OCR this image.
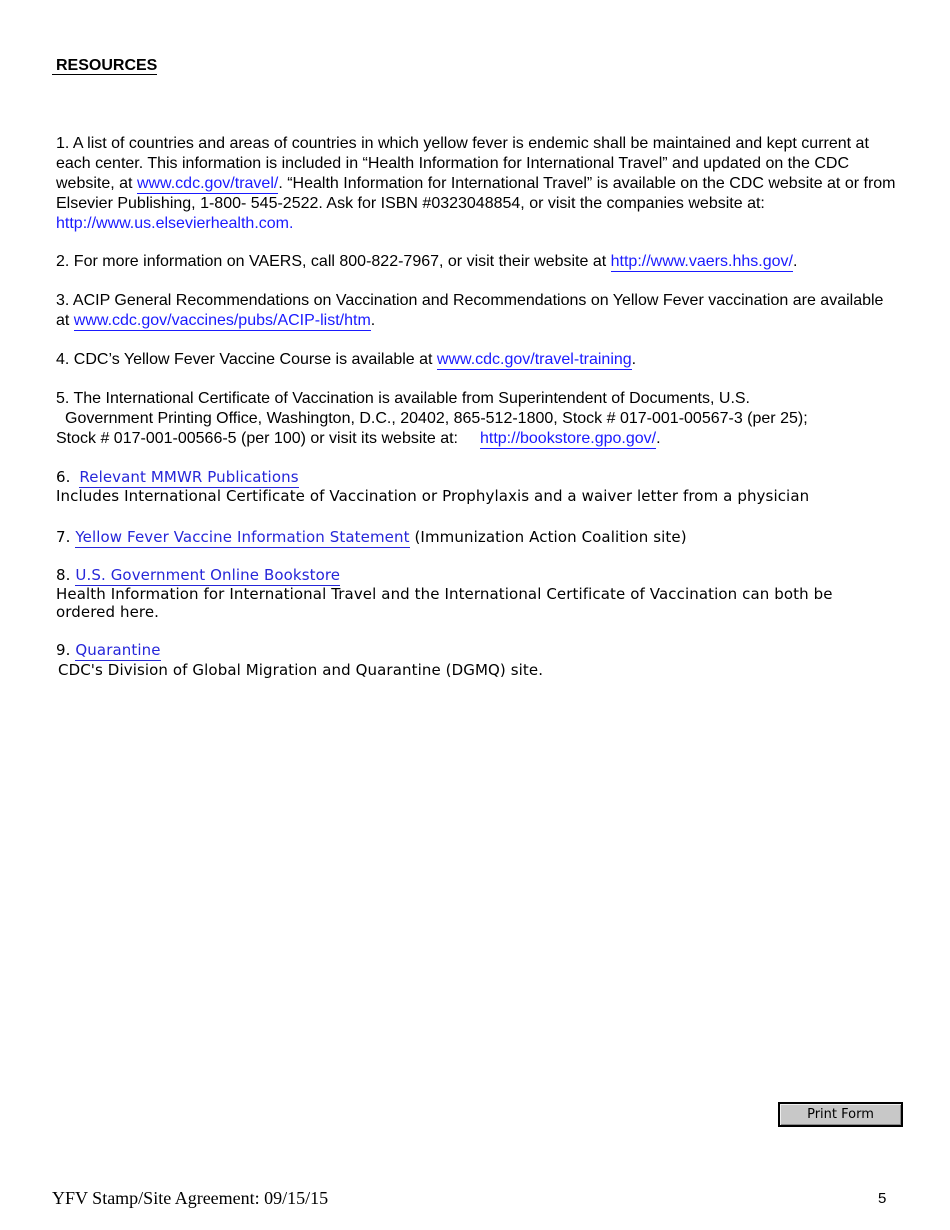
RESOURCES
1. A list of countries and areas of countries in which yellow fever is endemic shall be maintained and kept current at each center. This information is included in “Health Information for International Travel” and updated on the CDC website, at www.cdc.gov/travel/. “Health Information for International Travel” is available on the CDC website at or from Elsevier Publishing, 1-800- 545-2522. Ask for ISBN #0323048854, or visit the companies website at: http://www.us.elsevierhealth.com.
2. For more information on VAERS, call 800-822-7967, or visit their website at http://www.vaers.hhs.gov/.
3. ACIP General Recommendations on Vaccination and Recommendations on Yellow Fever vaccination are available at www.cdc.gov/vaccines/pubs/ACIP-list/htm.
4. CDC’s Yellow Fever Vaccine Course is available at www.cdc.gov/travel-training.
5. The International Certificate of Vaccination is available from Superintendent of Documents, U.S.
Government Printing Office, Washington, D.C., 20402, 865-512-1800, Stock # 017-001-00567-3 (per 25);
Stock # 017-001-00566-5 (per 100) or visit its website at: http://bookstore.gpo.gov/.
6. Relevant MMWR Publications
Includes International Certificate of Vaccination or Prophylaxis and a waiver letter from a physician
7. Yellow Fever Vaccine Information Statement (Immunization Action Coalition site)
8. U.S. Government Online Bookstore
Health Information for International Travel and the International Certificate of Vaccination can both be ordered here.
9. Quarantine
CDC's Division of Global Migration and Quarantine (DGMQ) site.
Print Form
YFV Stamp/Site Agreement: 09/15/15	5
